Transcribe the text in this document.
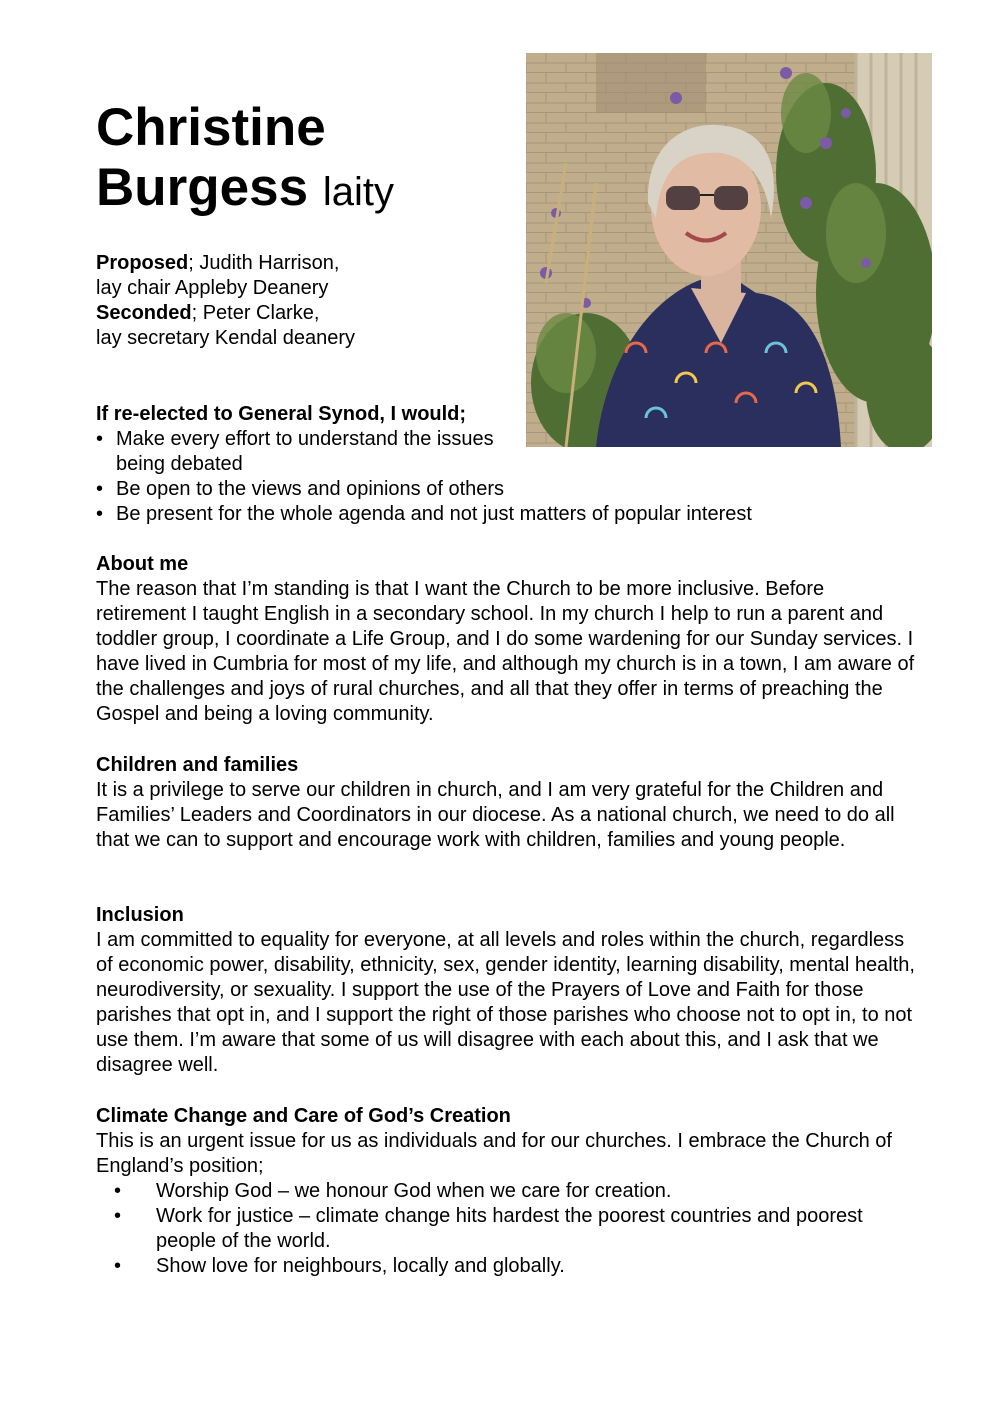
Christine
Burgess laity
Proposed; Judith Harrison,
lay chair Appleby Deanery
Seconded; Peter Clarke,
lay secretary Kendal deanery
If re-elected to General Synod, I would;
• Make every effort to understand the issues being debated
• Be open to the views and opinions of others
• Be present for the whole agenda and not just matters of popular interest
About me

The reason that I’m standing is that I want the Church to be more inclusive. Before retirement I taught English in a secondary school. In my church I help to run a parent and toddler group, I coordinate a Life Group, and I do some wardening for our Sunday services. I have lived in Cumbria for most of my life, and although my church is in a town, I am aware of the challenges and joys of rural churches, and all that they offer in terms of preaching the Gospel and being a loving community.

Children and families

It is a privilege to serve our children in church, and I am very grateful for the Children and Families’ Leaders and Coordinators in our diocese. As a national church, we need to do all that we can to support and encourage work with children, families and young people.

Inclusion

I am committed to equality for everyone, at all levels and roles within the church, regardless of economic power, disability, ethnicity, sex, gender identity, learning disability, mental health, neurodiversity, or sexuality. I support the use of the Prayers of Love and Faith for those parishes that opt in, and I support the right of those parishes who choose not to opt in, to not use them. I’m aware that some of us will disagree with each about this, and I ask that we disagree well.

Climate Change and Care of God’s Creation

This is an urgent issue for us as individuals and for our churches. I embrace the Church of England’s position;

• Worship God – we honour God when we care for creation.
• Work for justice – climate change hits hardest the poorest countries and poorest people of the world.
• Show love for neighbours, locally and globally.
